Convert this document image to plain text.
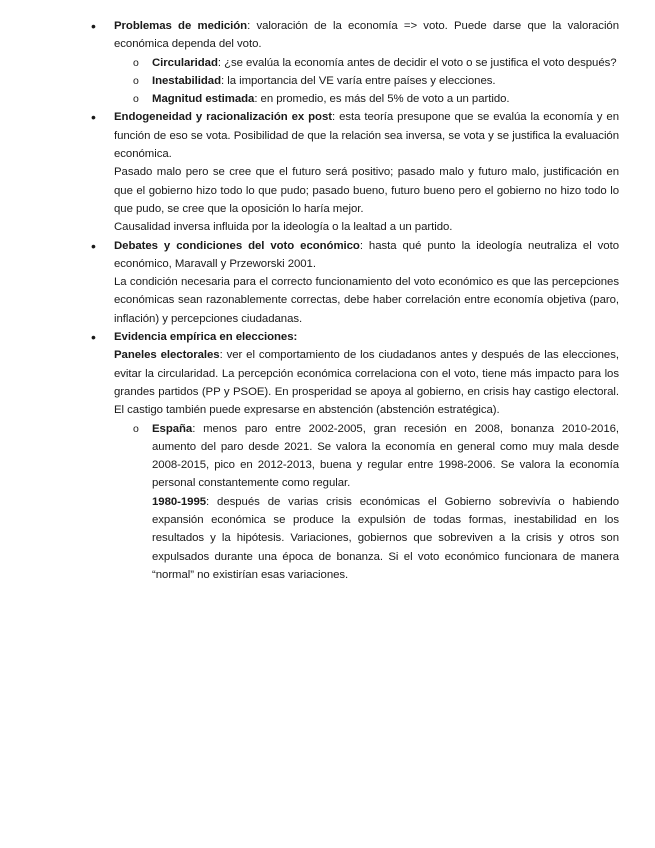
•	Problemas de medición: valoración de la economía => voto. Puede darse que la valoración económica dependa del voto.

o Circularidad: ¿se evalúa la economía antes de decidir el voto o se justifica el voto después?

o Inestabilidad: la importancia del VE varía entre países y elecciones.

o Magnitud estimada: en promedio, es más del 5% de voto a un partido.

•	Endogeneidad y racionalización ex post: esta teoría presupone que se evalúa la economía y en función de eso se vota. Posibilidad de que la relación sea inversa, se vota y se justifica la evaluación económica.

Pasado malo pero se cree que el futuro será positivo; pasado malo y futuro malo, justificación en que el gobierno hizo todo lo que pudo; pasado bueno, futuro bueno pero el gobierno no hizo todo lo que pudo, se cree que la oposición lo haría mejor.

Causalidad inversa influida por la ideología o la lealtad a un partido.

•	Debates y condiciones del voto económico: hasta qué punto la ideología neutraliza el voto económico, Maravall y Przeworski 2001.

La condición necesaria para el correcto funcionamiento del voto económico es que las percepciones económicas sean razonablemente correctas, debe haber correlación entre economía objetiva (paro, inflación) y percepciones ciudadanas.

•	Evidencia empírica en elecciones:

Paneles electorales: ver el comportamiento de los ciudadanos antes y después de las elecciones, evitar la circularidad. La percepción económica correlaciona con el voto, tiene más impacto para los grandes partidos (PP y PSOE). En prosperidad se apoya al gobierno, en crisis hay castigo electoral. El castigo también puede expresarse en abstención (abstención estratégica).

o España: menos paro entre 2002-2005, gran recesión en 2008, bonanza 2010-2016, aumento del paro desde 2021. Se valora la economía en general como muy mala desde 2008-2015, pico en 2012-2013, buena y regular entre 1998-2006. Se valora la economía personal constantemente como regular.

1980-1995: después de varias crisis económicas el Gobierno sobrevivía o habiendo expansión económica se produce la expulsión de todas formas, inestabilidad en los resultados y la hipótesis. Variaciones, gobiernos que sobreviven a la crisis y otros son expulsados durante una época de bonanza. Si el voto económico funcionara de manera “normal” no existirían esas variaciones.
